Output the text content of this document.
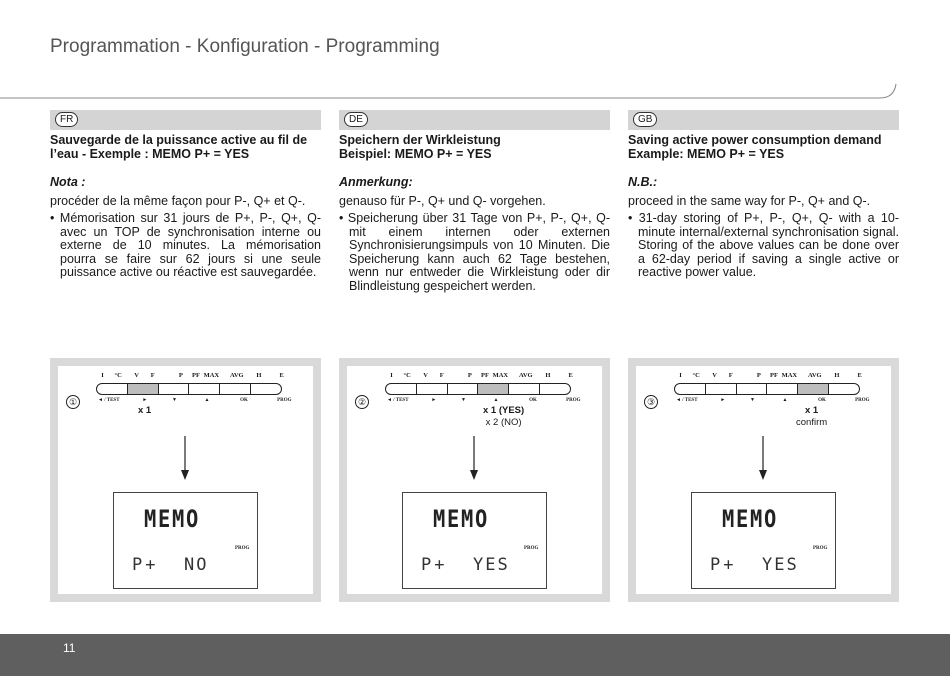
Programmation - Konfiguration - Programming
FR
Sauvegarde de la puissance active au fil de
l’eau - Exemple : MEMO P+ = YES
Nota :
procéder de la même façon pour P-, Q+ et Q-.
• Mémorisation sur 31 jours de P+, P-, Q+, Q- avec un TOP de synchronisation interne ou externe de 10 minutes. La mémorisation pourra se faire sur 62 jours si une seule puissance active ou réactive est sauvegardée.
DE
Speichern der Wirkleistung
Beispiel: MEMO P+ = YES
Anmerkung:
genauso für P-, Q+ und Q- vorgehen.
• Speicherung über 31 Tage von P+, P-, Q+, Q- mit einem internen oder externen Synchronisierungsimpuls von 10 Minuten. Die Speicherung kann auch 62 Tage bestehen, wenn nur entweder die Wirkleistung oder dir Blindleistung gespeichert werden.
GB
Saving active power consumption demand
Example: MEMO P+ = YES
N.B.:
proceed in the same way for P-, Q+ and Q-.
• 31-day storing of P+, P-, Q+, Q- with a 10-minute internal/external synchronisation signal. Storing of the above values can be done over a 62-day period if saving a single active or reactive power value.
①
I °C V F	P PF MAX AVG H	E
◄ / TEST	►	▼	▲	OK	PROG
x 1
MEMO
PROG
P+ NO
②
I °C V F	P PF MAX AVG H	E
◄ / TEST	►	▼	▲	OK	PROG
x 1 (YES)
x 2 (NO)
MEMO
PROG
P+ YES
③
I °C V F	P PF MAX AVG H	E
◄ / TEST	►	▼	▲	OK	PROG
x 1
confirm
MEMO
PROG
P+ YES
11
